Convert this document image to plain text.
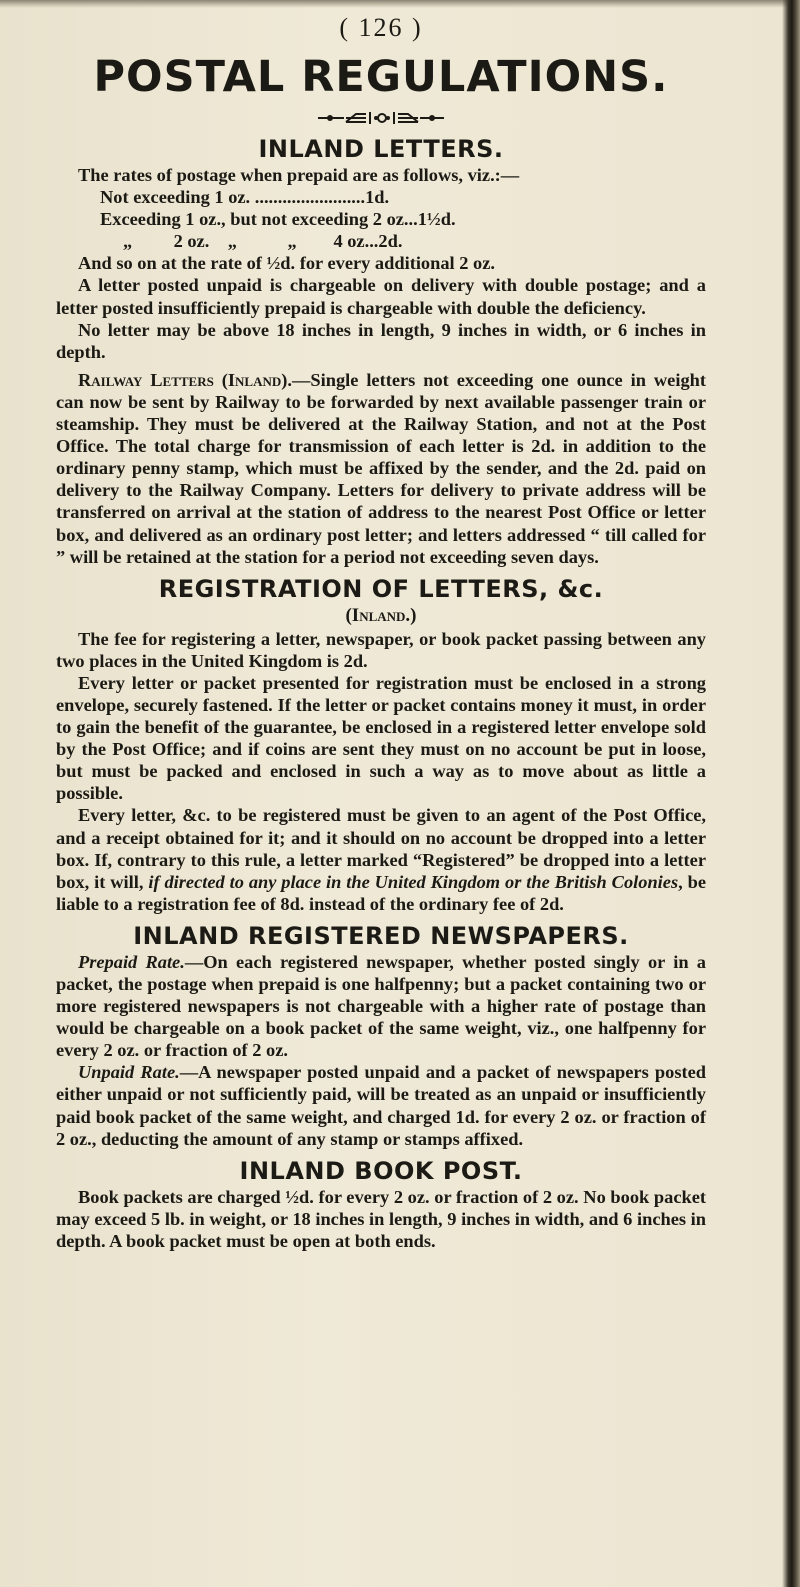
( 126 )
POSTAL REGULATIONS.
INLAND LETTERS.

The rates of postage when prepaid are as follows, viz.:—

Not exceeding 1 oz. ........................1d.
Exceeding 1 oz., but not exceeding 2 oz...1½d.
„         2 oz.    „           „        4 oz...2d.

And so on at the rate of ½d. for every additional 2 oz.

A letter posted unpaid is chargeable on delivery with double postage; and a letter posted insufficiently prepaid is chargeable with double the deficiency.

No letter may be above 18 inches in length, 9 inches in width, or 6 inches in depth.

Railway Letters (Inland).—Single letters not exceeding one ounce in weight can now be sent by Railway to be forwarded by next available passenger train or steamship. They must be delivered at the Railway Station, and not at the Post Office. The total charge for transmission of each letter is 2d. in addition to the ordinary penny stamp, which must be affixed by the sender, and the 2d. paid on delivery to the Railway Company. Letters for delivery to private address will be transferred on arrival at the station of address to the nearest Post Office or letter box, and delivered as an ordinary post letter; and letters addressed “ till called for ” will be retained at the station for a period not exceeding seven days.

REGISTRATION OF LETTERS, &c.
(Inland.)

The fee for registering a letter, newspaper, or book packet passing between any two places in the United Kingdom is 2d.

Every letter or packet presented for registration must be enclosed in a strong envelope, securely fastened. If the letter or packet contains money it must, in order to gain the benefit of the guarantee, be enclosed in a registered letter envelope sold by the Post Office; and if coins are sent they must on no account be put in loose, but must be packed and enclosed in such a way as to move about as little a possible.

Every letter, &c. to be registered must be given to an agent of the Post Office, and a receipt obtained for it; and it should on no account be dropped into a letter box. If, contrary to this rule, a letter marked “Registered” be dropped into a letter box, it will, if directed to any place in the United Kingdom or the British Colonies, be liable to a registration fee of 8d. instead of the ordinary fee of 2d.

INLAND REGISTERED NEWSPAPERS.

Prepaid Rate.—On each registered newspaper, whether posted singly or in a packet, the postage when prepaid is one halfpenny; but a packet containing two or more registered newspapers is not chargeable with a higher rate of postage than would be chargeable on a book packet of the same weight, viz., one halfpenny for every 2 oz. or fraction of 2 oz.

Unpaid Rate.—A newspaper posted unpaid and a packet of newspapers posted either unpaid or not sufficiently paid, will be treated as an unpaid or insufficiently paid book packet of the same weight, and charged 1d. for every 2 oz. or fraction of 2 oz., deducting the amount of any stamp or stamps affixed.

INLAND BOOK POST.

Book packets are charged ½d. for every 2 oz. or fraction of 2 oz. No book packet may exceed 5 lb. in weight, or 18 inches in length, 9 inches in width, and 6 inches in depth. A book packet must be open at both ends.
